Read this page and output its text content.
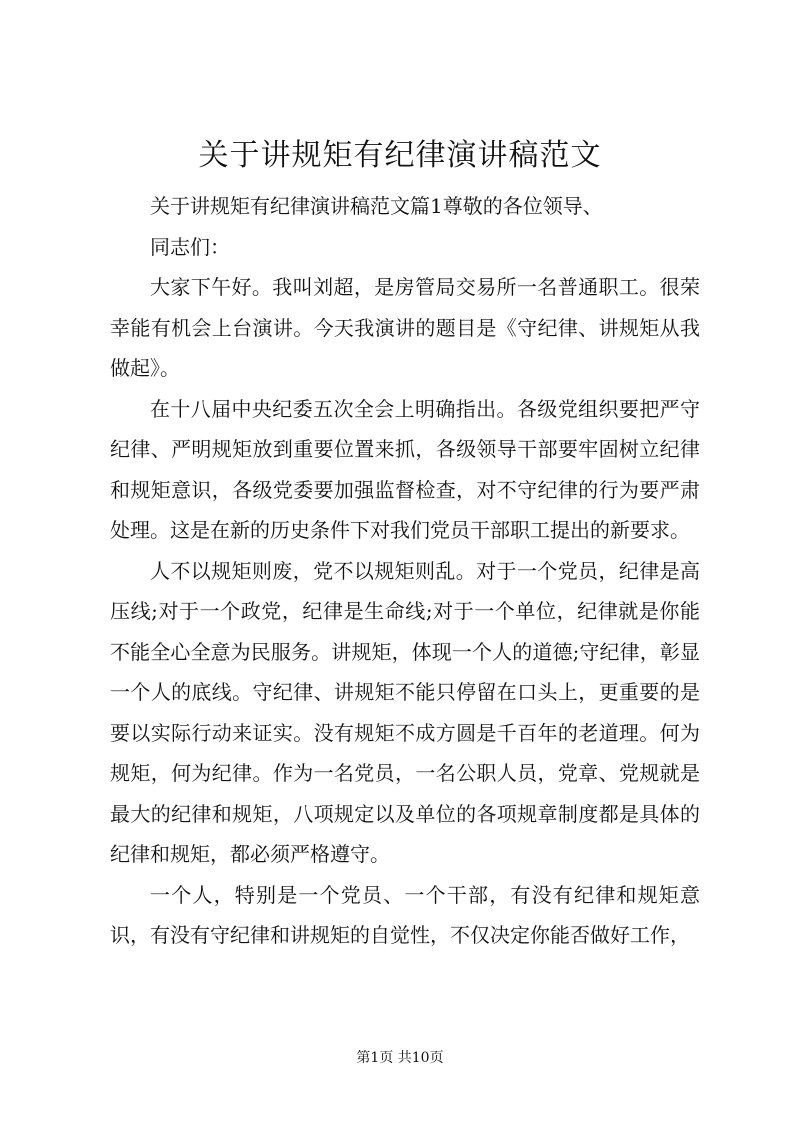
关于讲规矩有纪律演讲稿范文

关于讲规矩有纪律演讲稿范文篇1尊敬的各位领导、

同志们：

大家下午好。我叫刘超，是房管局交易所一名普通职工。很荣幸能有机会上台演讲。今天我演讲的题目是《守纪律、讲规矩从我做起》。

在十八届中央纪委五次全会上明确指出。各级党组织要把严守纪律、严明规矩放到重要位置来抓，各级领导干部要牢固树立纪律和规矩意识，各级党委要加强监督检查，对不守纪律的行为要严肃处理。这是在新的历史条件下对我们党员干部职工提出的新要求。

人不以规矩则废，党不以规矩则乱。对于一个党员，纪律是高压线;对于一个政党，纪律是生命线;对于一个单位，纪律就是你能不能全心全意为民服务。讲规矩，体现一个人的道德;守纪律，彰显一个人的底线。守纪律、讲规矩不能只停留在口头上，更重要的是要以实际行动来证实。没有规矩不成方圆是千百年的老道理。何为规矩，何为纪律。作为一名党员，一名公职人员，党章、党规就是最大的纪律和规矩，八项规定以及单位的各项规章制度都是具体的纪律和规矩，都必须严格遵守。

一个人，特别是一个党员、一个干部，有没有纪律和规矩意识，有没有守纪律和讲规矩的自觉性，不仅决定你能否做好工作，

第1页 共10页
